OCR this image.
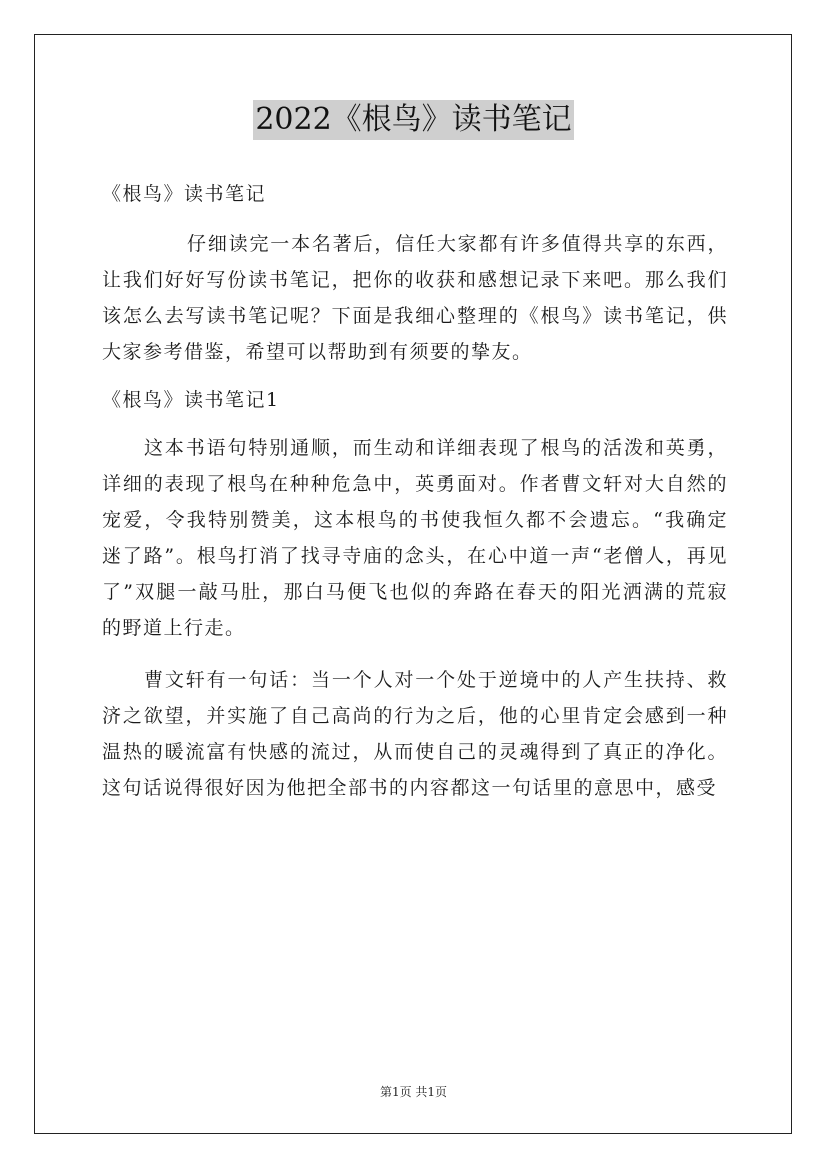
2022《根鸟》读书笔记

《根鸟》读书笔记

仔细读完一本名著后，信任大家都有许多值得共享的东西，让我们好好写份读书笔记，把你的收获和感想记录下来吧。那么我们该怎么去写读书笔记呢？下面是我细心整理的《根鸟》读书笔记，供大家参考借鉴，希望可以帮助到有须要的挚友。

《根鸟》读书笔记1

这本书语句特别通顺，而生动和详细表现了根鸟的活泼和英勇，详细的表现了根鸟在种种危急中，英勇面对。作者曹文轩对大自然的宠爱，令我特别赞美，这本根鸟的书使我恒久都不会遗忘。“我确定迷了路”。根鸟打消了找寻寺庙的念头，在心中道一声“老僧人，再见了”双腿一敲马肚，那白马便飞也似的奔路在春天的阳光洒满的荒寂的野道上行走。

曹文轩有一句话：当一个人对一个处于逆境中的人产生扶持、救济之欲望，并实施了自己高尚的行为之后，他的心里肯定会感到一种温热的暖流富有快感的流过，从而使自己的灵魂得到了真正的净化。这句话说得很好因为他把全部书的内容都这一句话里的意思中，感受

第1页 共1页
